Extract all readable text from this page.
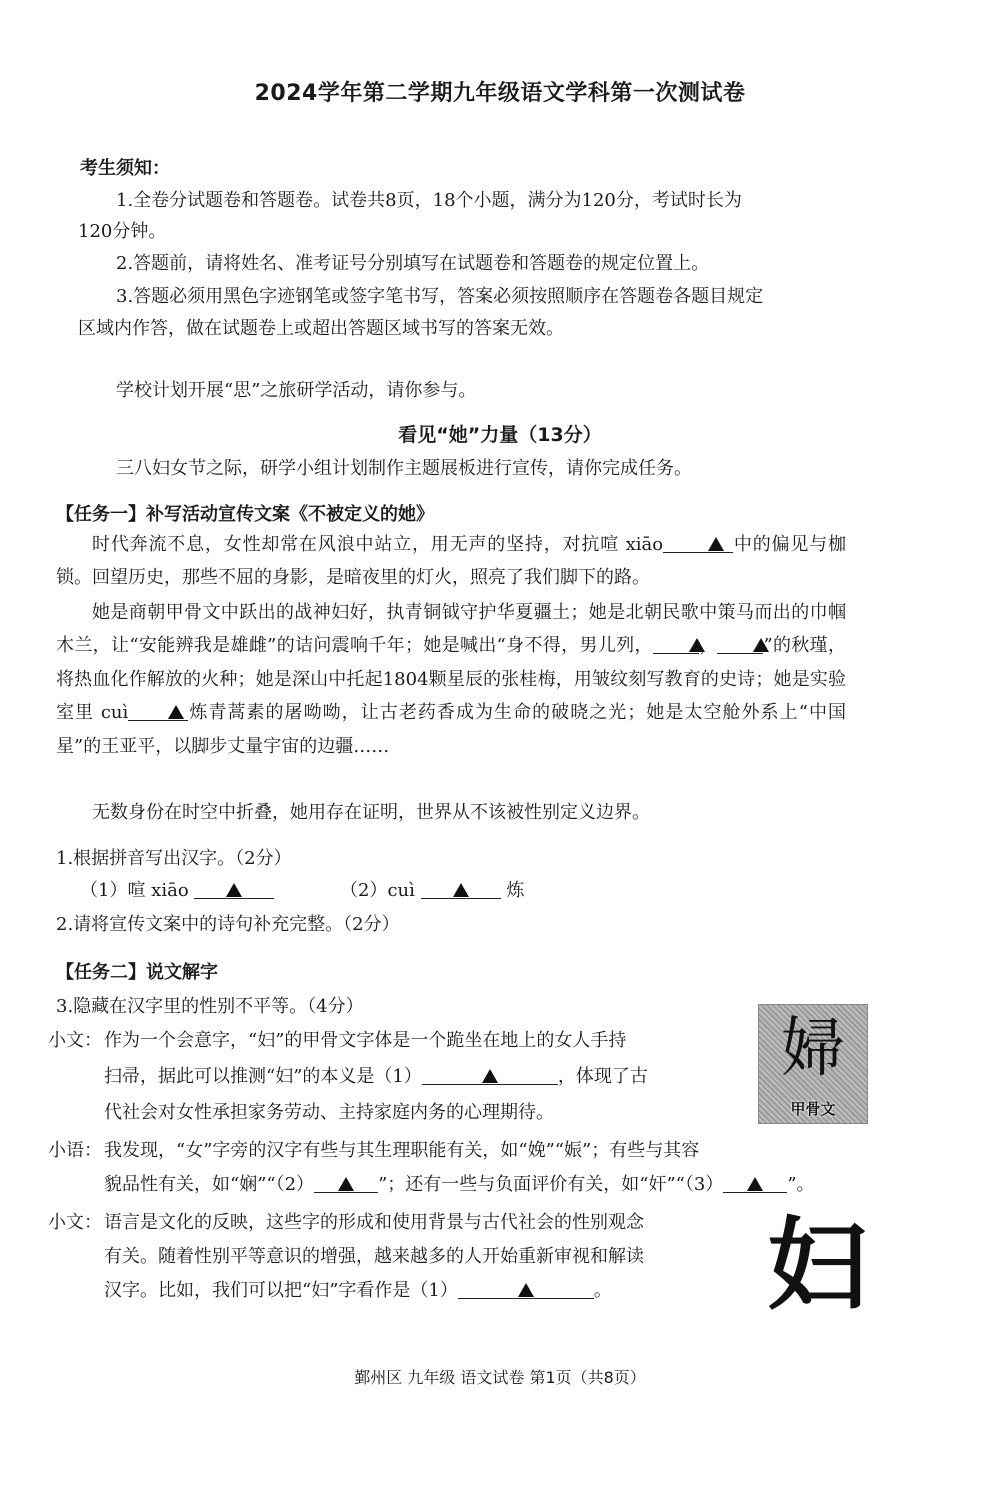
2024学年第二学期九年级语文学科第一次测试卷
考生须知：
1.全卷分试题卷和答题卷。试卷共8页，18个小题，满分为120分，考试时长为
120分钟。
2.答题前，请将姓名、准考证号分别填写在试题卷和答题卷的规定位置上。
3.答题必须用黑色字迹钢笔或签字笔书写，答案必须按照顺序在答题卷各题目规定
区域内作答，做在试题卷上或超出答题区域书写的答案无效。
学校计划开展“思”之旅研学活动，请你参与。
看见“她”力量（13分）
三八妇女节之际，研学小组计划制作主题展板进行宣传，请你完成任务。
【任务一】补写活动宣传文案《不被定义的她》
时代奔流不息，女性却常在风浪中站立，用无声的坚持，对抗喧 xiāo	中的偏见与枷锁。回望历史，那些不屈的身影，是暗夜里的灯火，照亮了我们脚下的路。
她是商朝甲骨文中跃出的战神妇好，执青铜钺守护华夏疆土；她是北朝民歌中策马而出的巾帼木兰，让“安能辨我是雄雌”的诘问震响千年；她是喊出“身不得，男儿列，	，	”的秋瑾，将热血化作解放的火种；她是深山中托起1804颗星辰的张桂梅，用皱纹刻写教育的史诗；她是实验室里 cuì	炼青蒿素的屠呦呦，让古老药香成为生命的破晓之光；她是太空舱外系上“中国星”的王亚平，以脚步丈量宇宙的边疆……
无数身份在时空中折叠，她用存在证明，世界从不该被性别定义边界。
1.根据拼音写出汉字。（2分）
（1）喧 xiāo	（2）cuì	炼
2.请将宣传文案中的诗句补充完整。（2分）
【任务二】说文解字
3.隐藏在汉字里的性别不平等。（4分）
小文： 作为一个会意字，“妇”的甲骨文字体是一个跪坐在地上的女人手持
扫帚，据此可以推测“妇”的本义是（1）	，体现了古
代社会对女性承担家务劳动、主持家庭内务的心理期待。
婦
甲骨文
小语： 我发现，“女”字旁的汉字有些与其生理职能有关，如“娩”“娠”；有些与其容
貌品性有关，如“娴”“（2）	”；还有一些与负面评价有关，如“奸”“（3）	”。
小文： 语言是文化的反映，这些字的形成和使用背景与古代社会的性别观念
有关。随着性别平等意识的增强，越来越多的人开始重新审视和解读
汉字。比如，我们可以把“妇”字看作是（1）	。 妇
鄞州区 九年级 语文试卷 第1页（共8页）
